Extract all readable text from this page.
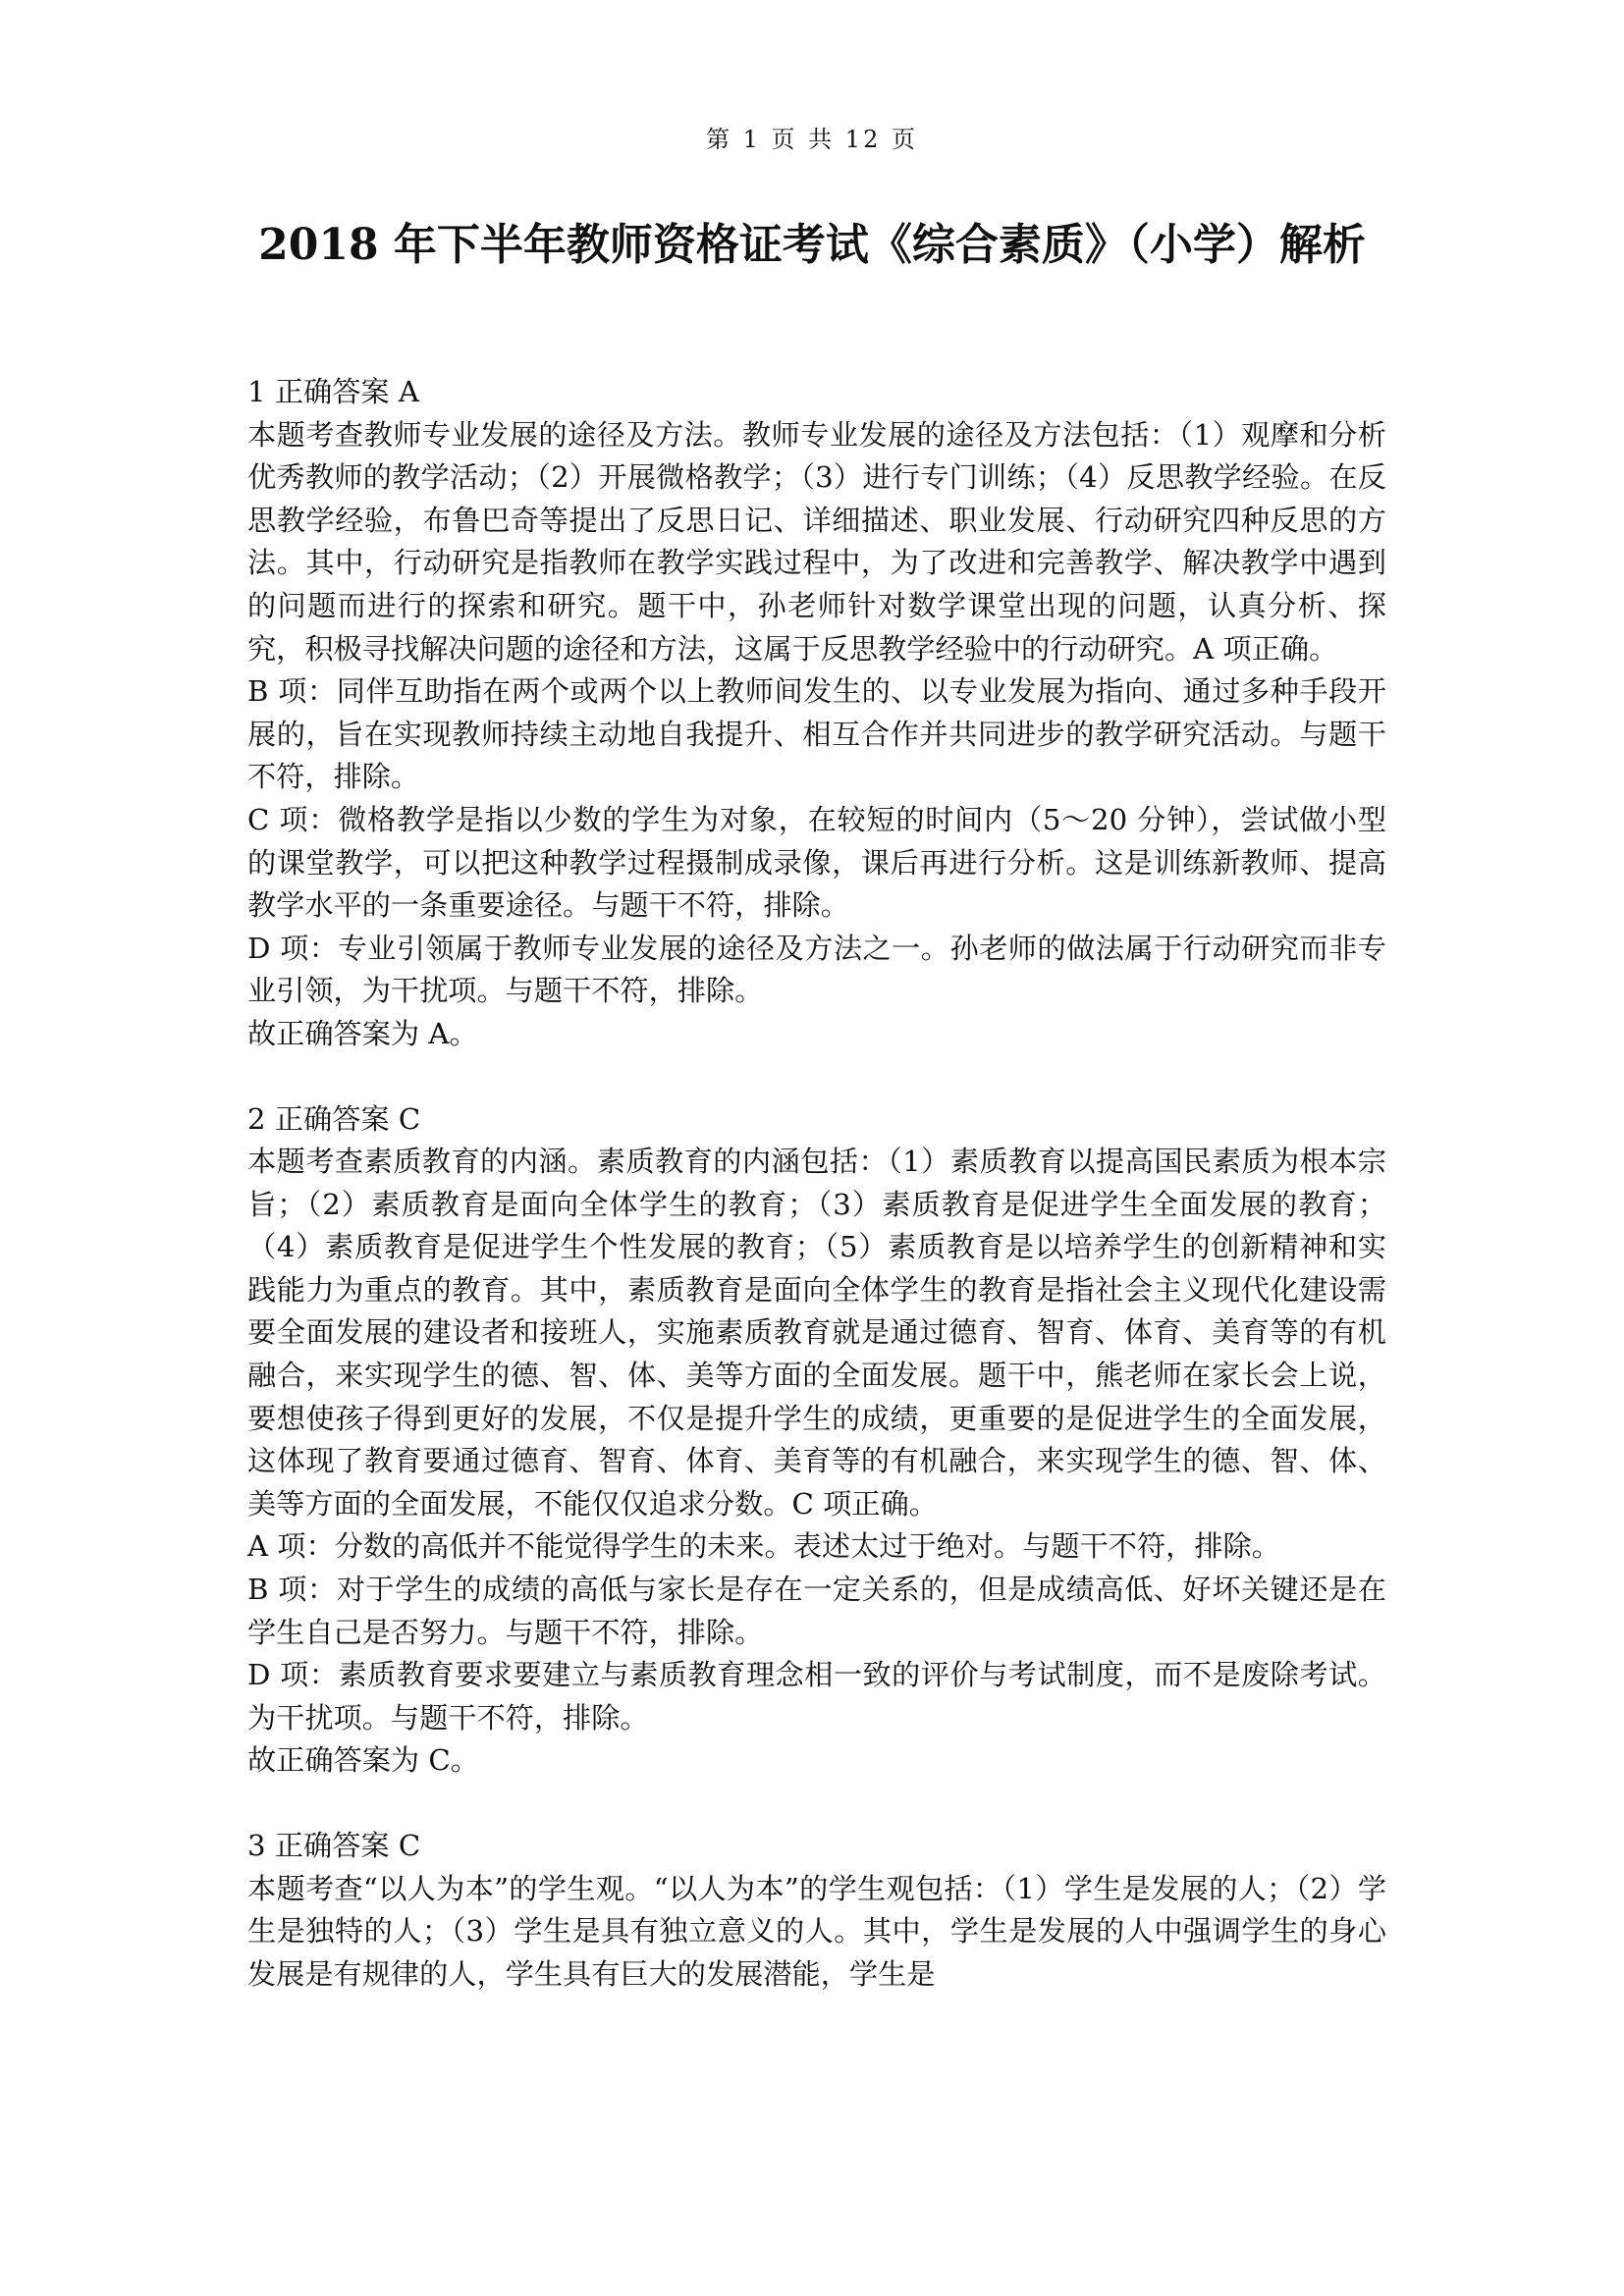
第 1 页 共 12 页
2018 年下半年教师资格证考试《综合素质》（小学）解析

1 正确答案 A

本题考查教师专业发展的途径及方法。教师专业发展的途径及方法包括：（1）观摩和分析优秀教师的教学活动；（2）开展微格教学；（3）进行专门训练；（4）反思教学经验。在反思教学经验，布鲁巴奇等提出了反思日记、详细描述、职业发展、行动研究四种反思的方法。其中，行动研究是指教师在教学实践过程中，为了改进和完善教学、解决教学中遇到的问题而进行的探索和研究。题干中，孙老师针对数学课堂出现的问题，认真分析、探究，积极寻找解决问题的途径和方法，这属于反思教学经验中的行动研究。A 项正确。

B 项：同伴互助指在两个或两个以上教师间发生的、以专业发展为指向、通过多种手段开展的，旨在实现教师持续主动地自我提升、相互合作并共同进步的教学研究活动。与题干不符，排除。

C 项：微格教学是指以少数的学生为对象，在较短的时间内（5～20 分钟），尝试做小型的课堂教学，可以把这种教学过程摄制成录像，课后再进行分析。这是训练新教师、提高教学水平的一条重要途径。与题干不符，排除。

D 项：专业引领属于教师专业发展的途径及方法之一。孙老师的做法属于行动研究而非专业引领，为干扰项。与题干不符，排除。

故正确答案为 A。

2 正确答案 C

本题考查素质教育的内涵。素质教育的内涵包括：（1）素质教育以提高国民素质为根本宗旨；（2）素质教育是面向全体学生的教育；（3）素质教育是促进学生全面发展的教育；（4）素质教育是促进学生个性发展的教育；（5）素质教育是以培养学生的创新精神和实践能力为重点的教育。其中，素质教育是面向全体学生的教育是指社会主义现代化建设需要全面发展的建设者和接班人，实施素质教育就是通过德育、智育、体育、美育等的有机融合，来实现学生的德、智、体、美等方面的全面发展。题干中，熊老师在家长会上说，要想使孩子得到更好的发展，不仅是提升学生的成绩，更重要的是促进学生的全面发展，这体现了教育要通过德育、智育、体育、美育等的有机融合，来实现学生的德、智、体、美等方面的全面发展，不能仅仅追求分数。C 项正确。

A 项：分数的高低并不能觉得学生的未来。表述太过于绝对。与题干不符，排除。

B 项：对于学生的成绩的高低与家长是存在一定关系的，但是成绩高低、好坏关键还是在学生自己是否努力。与题干不符，排除。

D 项：素质教育要求要建立与素质教育理念相一致的评价与考试制度，而不是废除考试。为干扰项。与题干不符，排除。

故正确答案为 C。

3 正确答案 C

本题考查“以人为本”的学生观。“以人为本”的学生观包括：（1）学生是发展的人；（2）学生是独特的人；（3）学生是具有独立意义的人。其中，学生是发展的人中强调学生的身心发展是有规律的人，学生具有巨大的发展潜能，学生是
